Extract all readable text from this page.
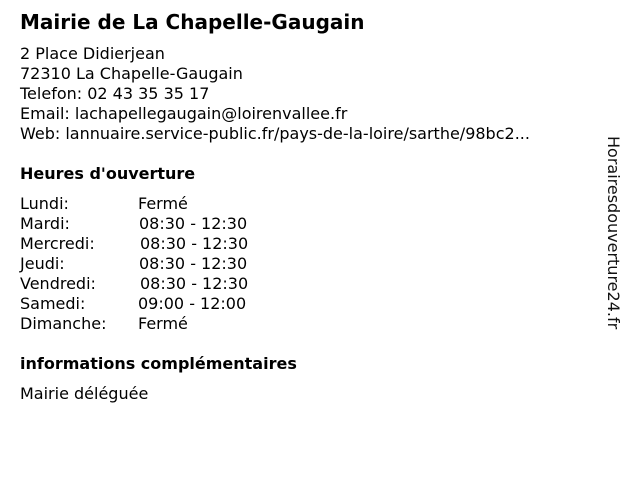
Mairie de La Chapelle-Gaugain
2 Place Didierjean
72310 La Chapelle-Gaugain
Telefon: 02 43 35 35 17
Email: lachapellegaugain@loirenvallee.fr
Web: lannuaire.service-public.fr/pays-de-la-loire/sarthe/98bc2...
Heures d'ouverture
Lundi:	Fermé
Mardi:	08:30 - 12:30
Mercredi:	08:30 - 12:30
Jeudi:	08:30 - 12:30
Vendredi:	08:30 - 12:30
Samedi:	09:00 - 12:00
Dimanche: Fermé
informations complémentaires
Mairie déléguée
Horairesdouverture24.fr
